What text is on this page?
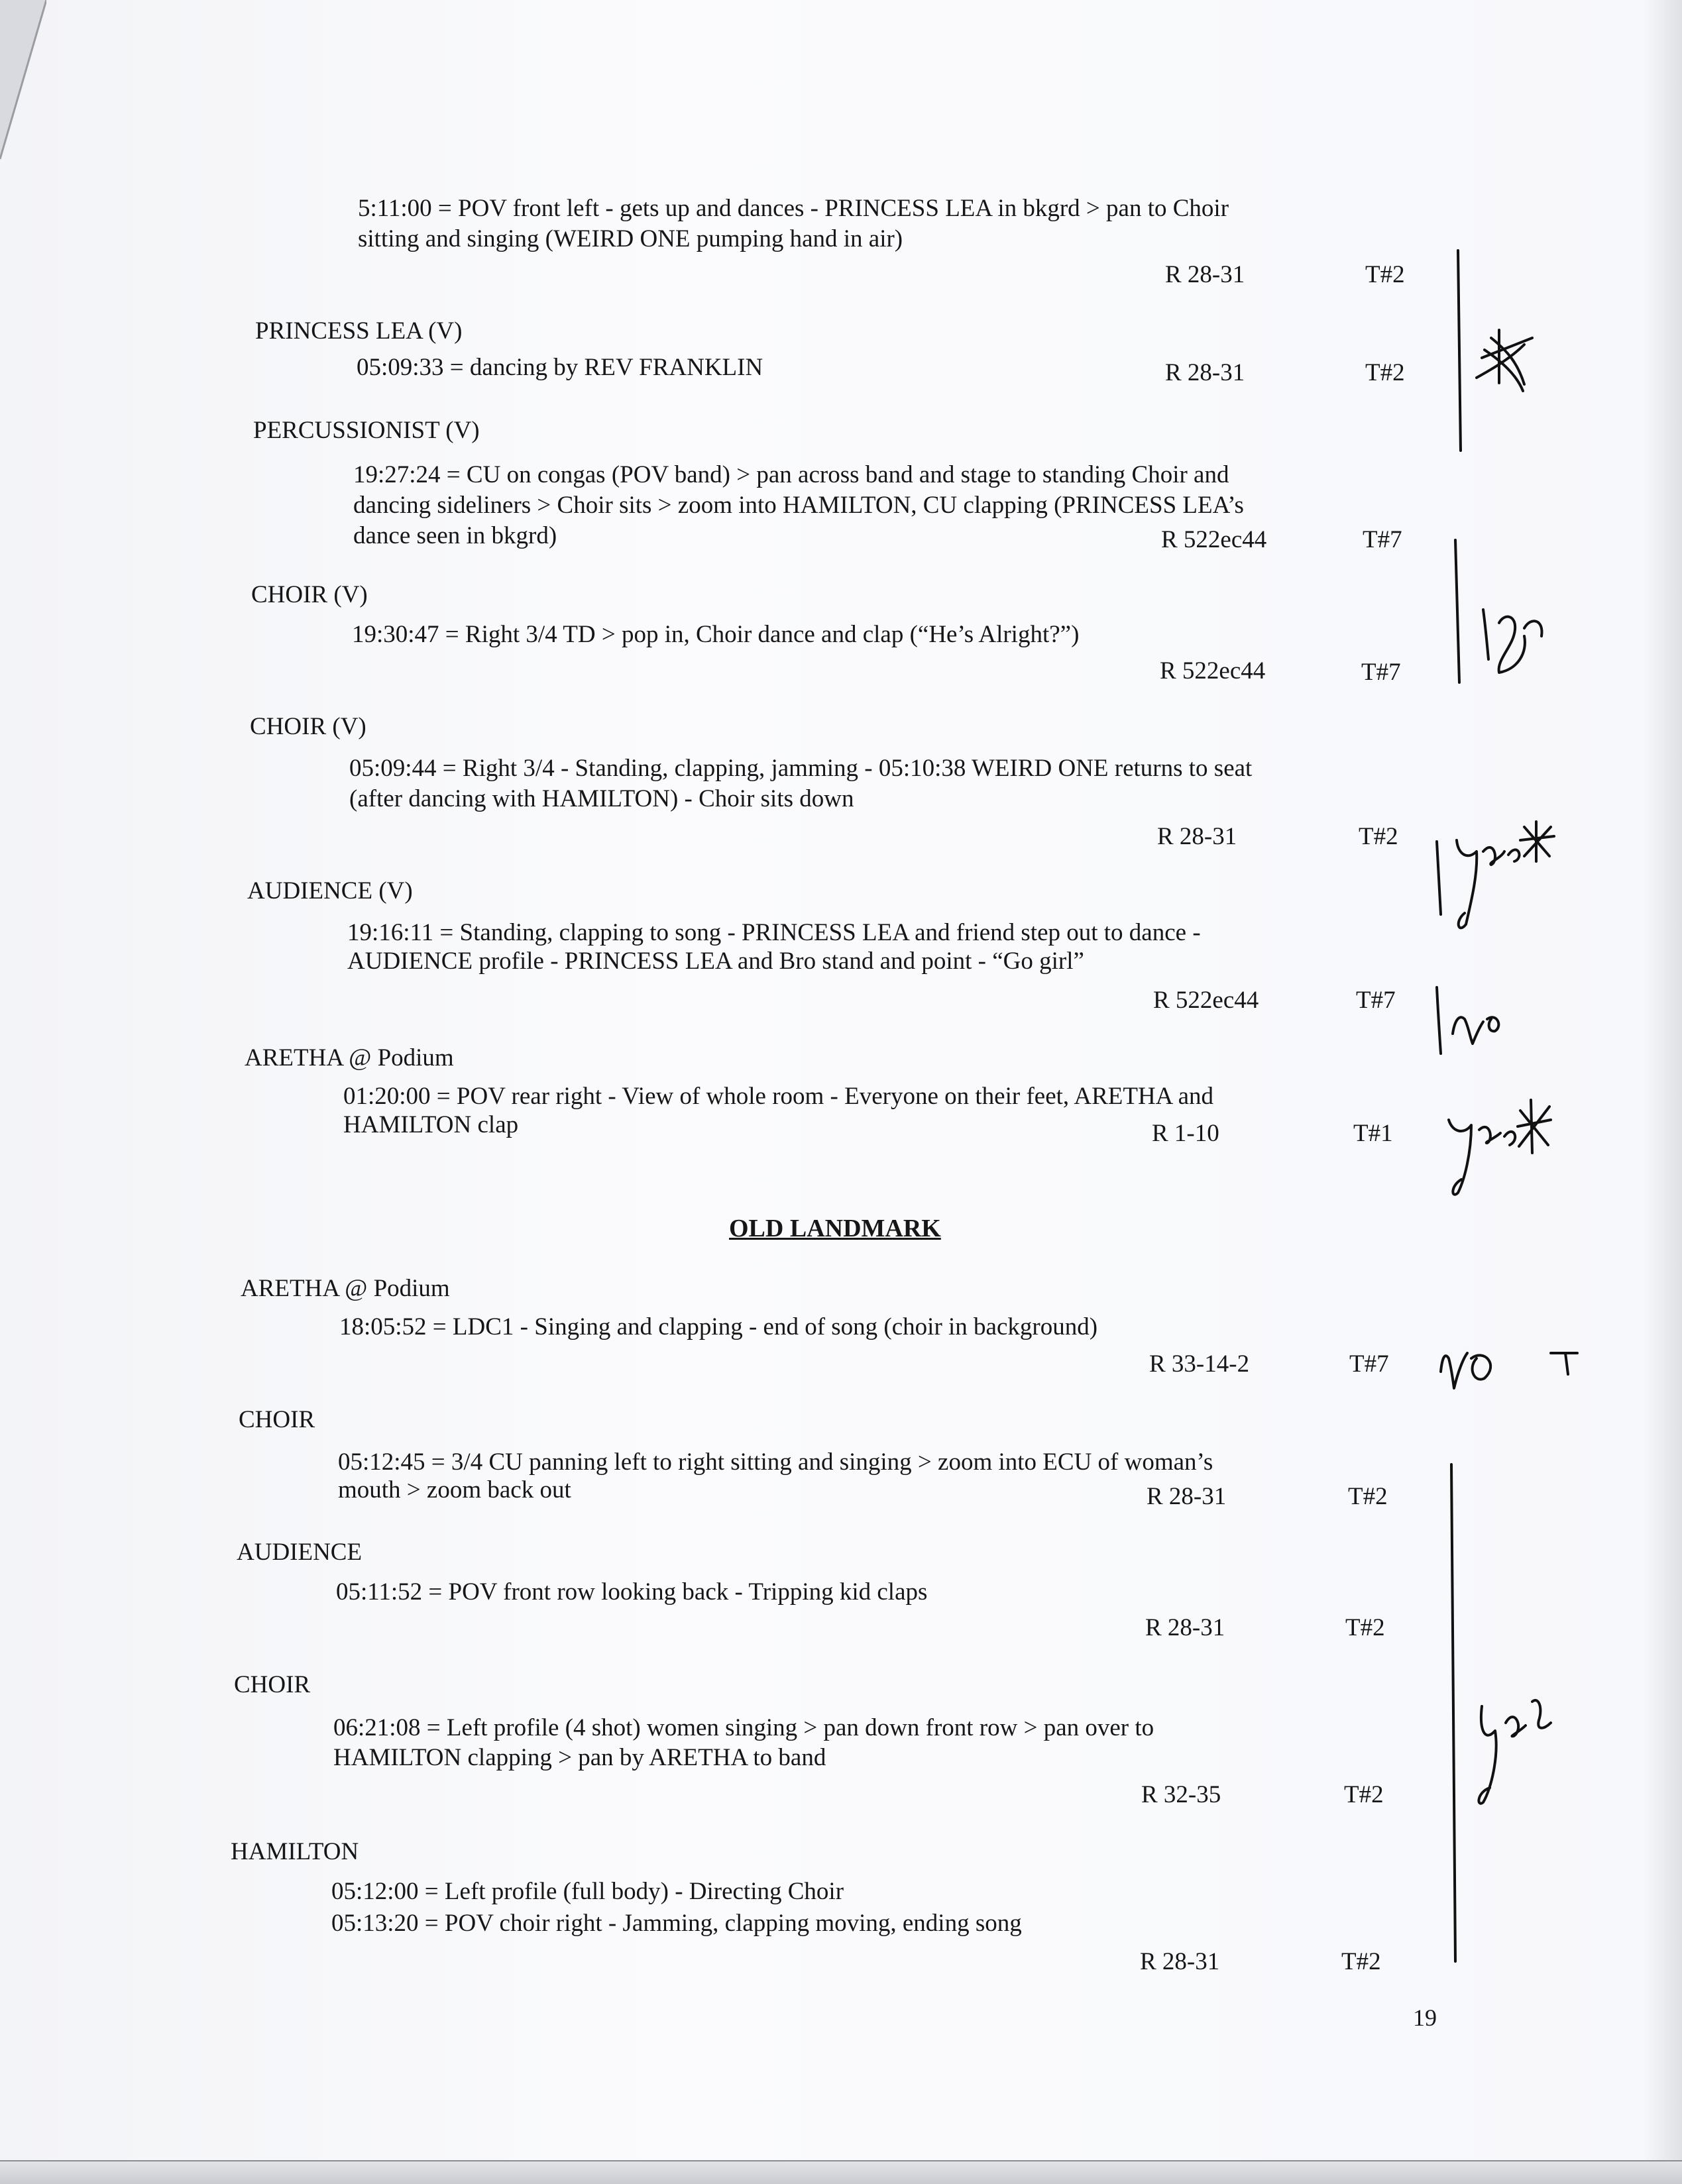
5:11:00 = POV front left - gets up and dances - PRINCESS LEA in bkgrd > pan to Choir
sitting and singing (WEIRD ONE pumping hand in air)
R 28-31	T#2
PRINCESS LEA (V)
05:09:33 = dancing by REV FRANKLIN	R 28-31	T#2
PERCUSSIONIST (V)
19:27:24 = CU on congas (POV band) > pan across band and stage to standing Choir and
dancing sideliners > Choir sits > zoom into HAMILTON, CU clapping (PRINCESS LEA’s
dance seen in bkgrd)	R 522ec44	T#7
CHOIR (V)
19:30:47 = Right 3/4 TD > pop in, Choir dance and clap (“He’s Alright?”)
R 522ec44	T#7
CHOIR (V)
05:09:44 = Right 3/4 - Standing, clapping, jamming - 05:10:38 WEIRD ONE returns to seat
(after dancing with HAMILTON) - Choir sits down
R 28-31	T#2
AUDIENCE (V)
19:16:11 = Standing, clapping to song - PRINCESS LEA and friend step out to dance -
AUDIENCE profile - PRINCESS LEA and Bro stand and point - “Go girl”
R 522ec44	T#7
ARETHA @ Podium
01:20:00 = POV rear right - View of whole room - Everyone on their feet, ARETHA and
HAMILTON clap	R 1-10	T#1
OLD LANDMARK
ARETHA @ Podium
18:05:52 = LDC1 - Singing and clapping - end of song (choir in background)
R 33-14-2	T#7
CHOIR
05:12:45 = 3/4 CU panning left to right sitting and singing > zoom into ECU of woman’s
mouth > zoom back out	R 28-31	T#2
AUDIENCE
05:11:52 = POV front row looking back - Tripping kid claps
R 28-31	T#2
CHOIR
06:21:08 = Left profile (4 shot) women singing > pan down front row > pan over to
HAMILTON clapping > pan by ARETHA to band
R 32-35	T#2
HAMILTON
05:12:00 = Left profile (full body) - Directing Choir
05:13:20 = POV choir right - Jamming, clapping moving, ending song
R 28-31	T#2
19
